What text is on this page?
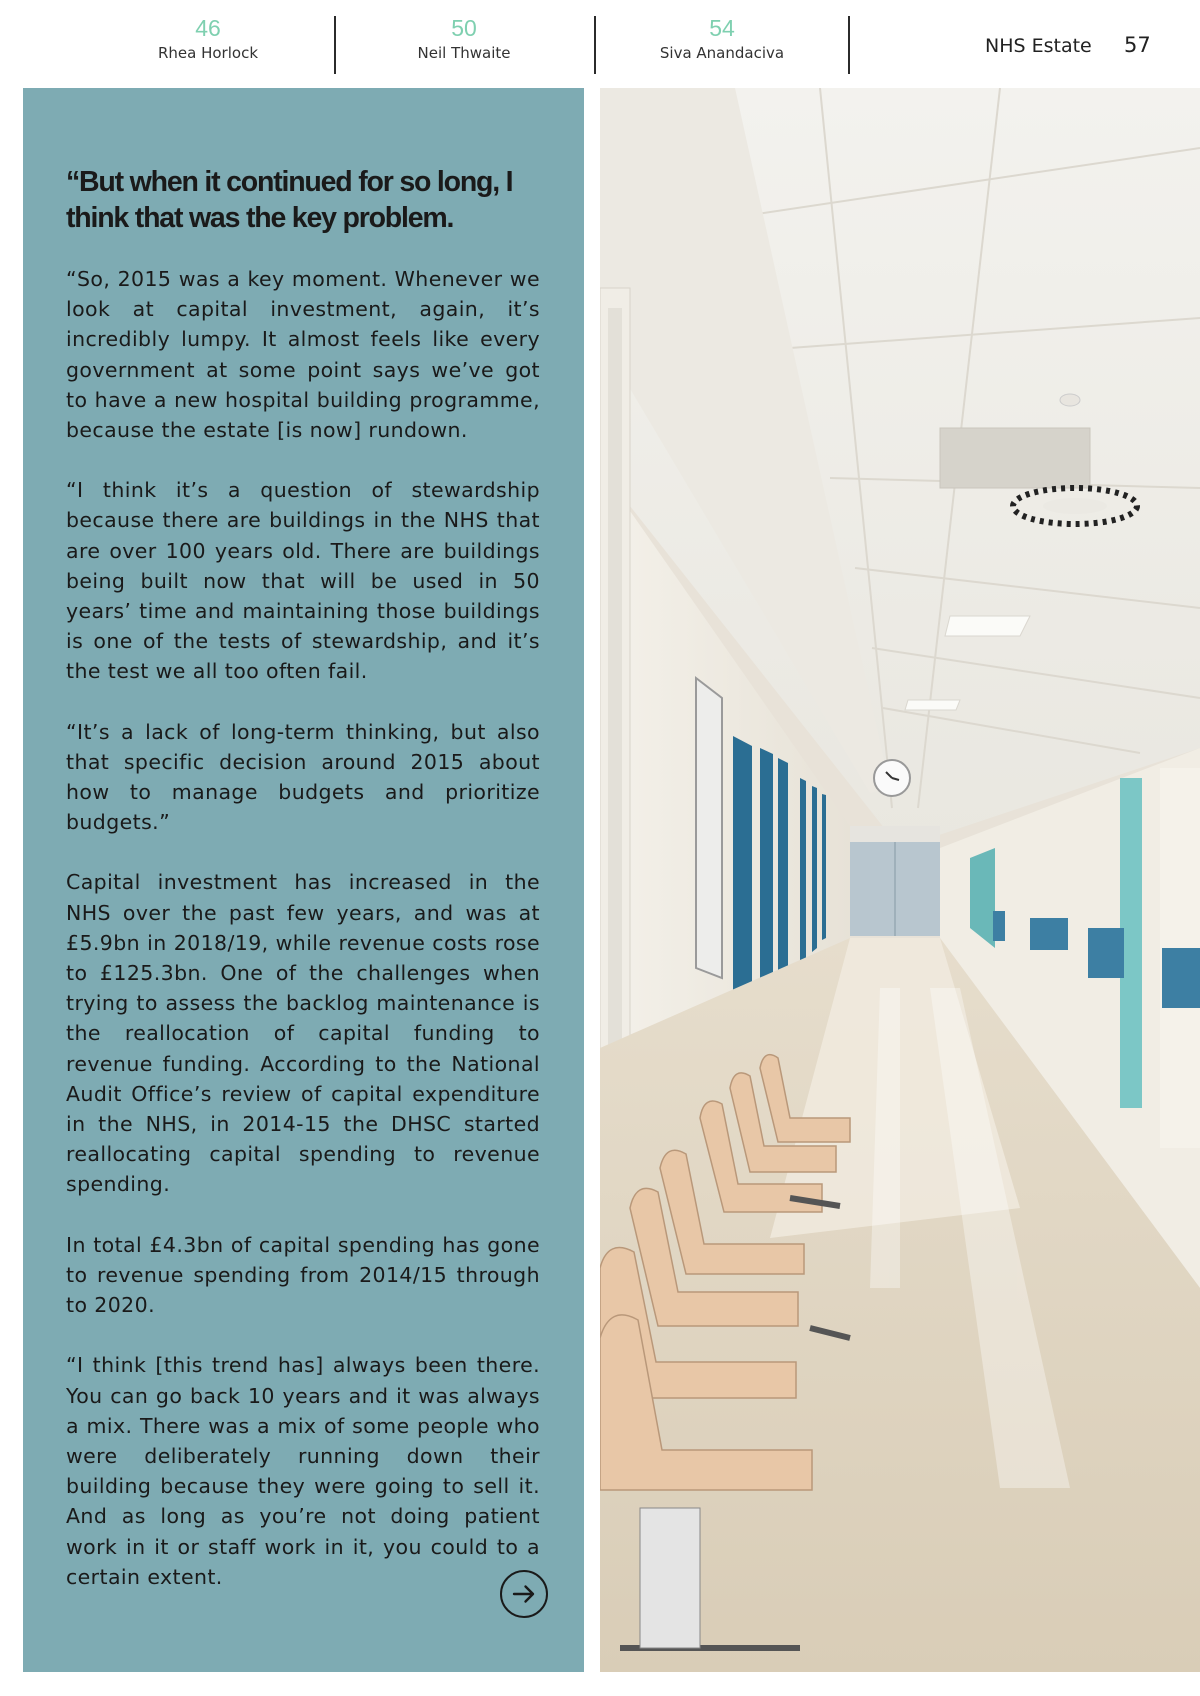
46
Rhea Horlock
50
Neil Thwaite
54
Siva Anandaciva	NHS Estate 57
“But when it continued for so long, I think that was the key problem.

“So, 2015 was a key moment. Whenever we look at capital investment, again, it’s incredibly lumpy. It almost feels like every government at some point says we’ve got to have a new hospital building programme, because the estate [is now] rundown.

“I think it’s a question of stewardship because there are buildings in the NHS that are over 100 years old. There are buildings being built now that will be used in 50 years’ time and maintaining those buildings is one of the tests of stewardship, and it’s the test we all too often fail.

“It’s a lack of long-term thinking, but also that specific decision around 2015 about how to manage budgets and prioritize budgets.”

Capital investment has increased in the NHS over the past few years, and was at £5.9bn in 2018/19, while revenue costs rose to £125.3bn. One of the challenges when trying to assess the backlog maintenance is the reallocation of capital funding to revenue funding. According to the National Audit Office’s review of capital expenditure in the NHS, in 2014-15 the DHSC started reallocating capital spending to revenue spending.

In total £4.3bn of capital spending has gone to revenue spending from 2014/15 through to 2020.

“I think [this trend has] always been there. You can go back 10 years and it was always a mix. There was a mix of some people who were deliberately running down their building because they were going to sell it. And as long as you’re not doing patient work in it or staff work in it, you could to a certain extent.
